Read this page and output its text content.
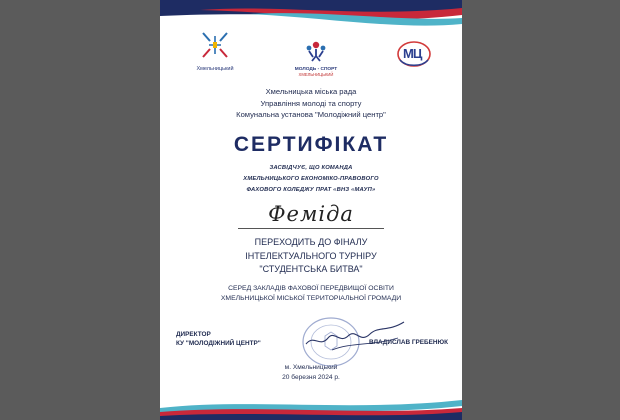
Хмельницький	МОЛОДЬ - СПОРТ
ХМЕЛЬНИЦЬКИЙ
МЦ
Хмельницька міська рада
Управління молоді та спорту
Комунальна установа "Молодіжний центр"
СЕРТИФІКАТ
ЗАСВІДЧУЄ, ЩО КОМАНДА
ХМЕЛЬНИЦЬКОГО ЕКОНОМІКО-ПРАВОВОГО
ФАХОВОГО КОЛЕДЖУ ПРАТ «ВНЗ «МАУП»
Феміда
ПЕРЕХОДИТЬ ДО ФІНАЛУ
ІНТЕЛЕКТУАЛЬНОГО ТУРНІРУ
"СТУДЕНТСЬКА БИТВА"
СЕРЕД ЗАКЛАДІВ ФАХОВОЇ ПЕРЕДВИЩОЇ ОСВІТИ
ХМЕЛЬНИЦЬКОЇ МІСЬКОЇ ТЕРИТОРІАЛЬНОЇ ГРОМАДИ
ДИРЕКТОР
КУ "МОЛОДІЖНИЙ ЦЕНТР"	ВЛАДИСЛАВ ГРЕБЕНЮК
м. Хмельницький
20 березня 2024 р.
